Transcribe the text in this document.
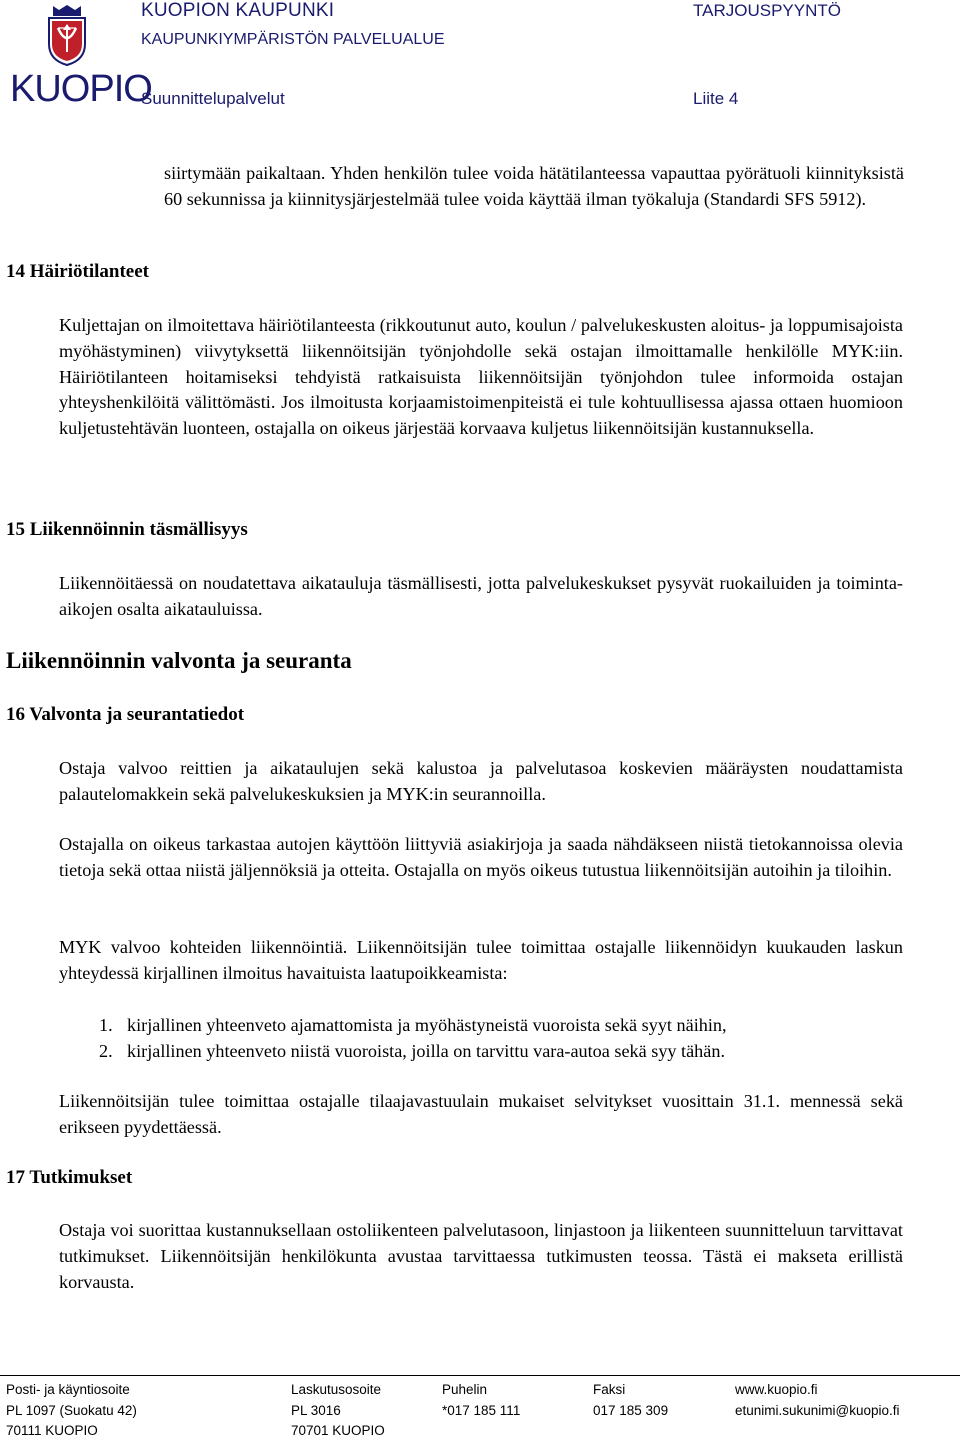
KUOPIO
KUOPION KAUPUNKI
KAUPUNKIYMPÄRISTÖN PALVELUALUE
Suunnittelupalvelut
TARJOUSPYYNTÖ
Liite 4
siirtymään paikaltaan. Yhden henkilön tulee voida hätätilanteessa vapauttaa pyörätuoli kiinnityksistä 60 sekunnissa ja kiinnitysjärjestelmää tulee voida käyttää ilman työkaluja (Standardi SFS 5912).
14 Häiriötilanteet
Kuljettajan on ilmoitettava häiriötilanteesta (rikkoutunut auto, koulun / palvelukeskusten aloitus- ja loppumisajoista myöhästyminen) viivytyksettä liikennöitsijän työnjohdolle sekä ostajan ilmoittamalle henkilölle MYK:iin. Häiriötilanteen hoitamiseksi tehdyistä ratkaisuista liikennöitsijän työnjohdon tulee informoida ostajan yhteyshenkilöitä välittömästi. Jos ilmoitusta korjaamistoimenpiteistä ei tule kohtuullisessa ajassa ottaen huomioon kuljetustehtävän luonteen, ostajalla on oikeus järjestää korvaava kuljetus liikennöitsijän kustannuksella.
15 Liikennöinnin täsmällisyys
Liikennöitäessä on noudatettava aikatauluja täsmällisesti, jotta palvelukeskukset pysyvät ruokailuiden ja toiminta-aikojen osalta aikatauluissa.
Liikennöinnin valvonta ja seuranta
16 Valvonta ja seurantatiedot
Ostaja valvoo reittien ja aikataulujen sekä kalustoa ja palvelutasoa koskevien määräysten noudattamista palautelomakkein sekä palvelukeskuksien ja MYK:in seurannoilla.
Ostajalla on oikeus tarkastaa autojen käyttöön liittyviä asiakirjoja ja saada nähdäkseen niistä tietokannoissa olevia tietoja sekä ottaa niistä jäljennöksiä ja otteita. Ostajalla on myös oikeus tutustua liikennöitsijän autoihin ja tiloihin.
MYK valvoo kohteiden liikennöintiä. Liikennöitsijän tulee toimittaa ostajalle liikennöidyn kuukauden laskun yhteydessä kirjallinen ilmoitus havaituista laatupoikkeamista:
1. kirjallinen yhteenveto ajamattomista ja myöhästyneistä vuoroista sekä syyt näihin,
2. kirjallinen yhteenveto niistä vuoroista, joilla on tarvittu vara-autoa sekä syy tähän.
Liikennöitsijän tulee toimittaa ostajalle tilaajavastuulain mukaiset selvitykset vuosittain 31.1. mennessä sekä erikseen pyydettäessä.
17 Tutkimukset
Ostaja voi suorittaa kustannuksellaan ostoliikenteen palvelutasoon, linjastoon ja liikenteen suunnitteluun tarvittavat tutkimukset. Liikennöitsijän henkilökunta avustaa tarvittaessa tutkimusten teossa. Tästä ei makseta erillistä korvausta.
Posti- ja käyntiosoite
PL 1097 (Suokatu 42)
70111 KUOPIO
Laskutusosoite
PL 3016
70701 KUOPIO
Puhelin
*017 185 111
Faksi
017 185 309
www.kuopio.fi
etunimi.sukunimi@kuopio.fi
